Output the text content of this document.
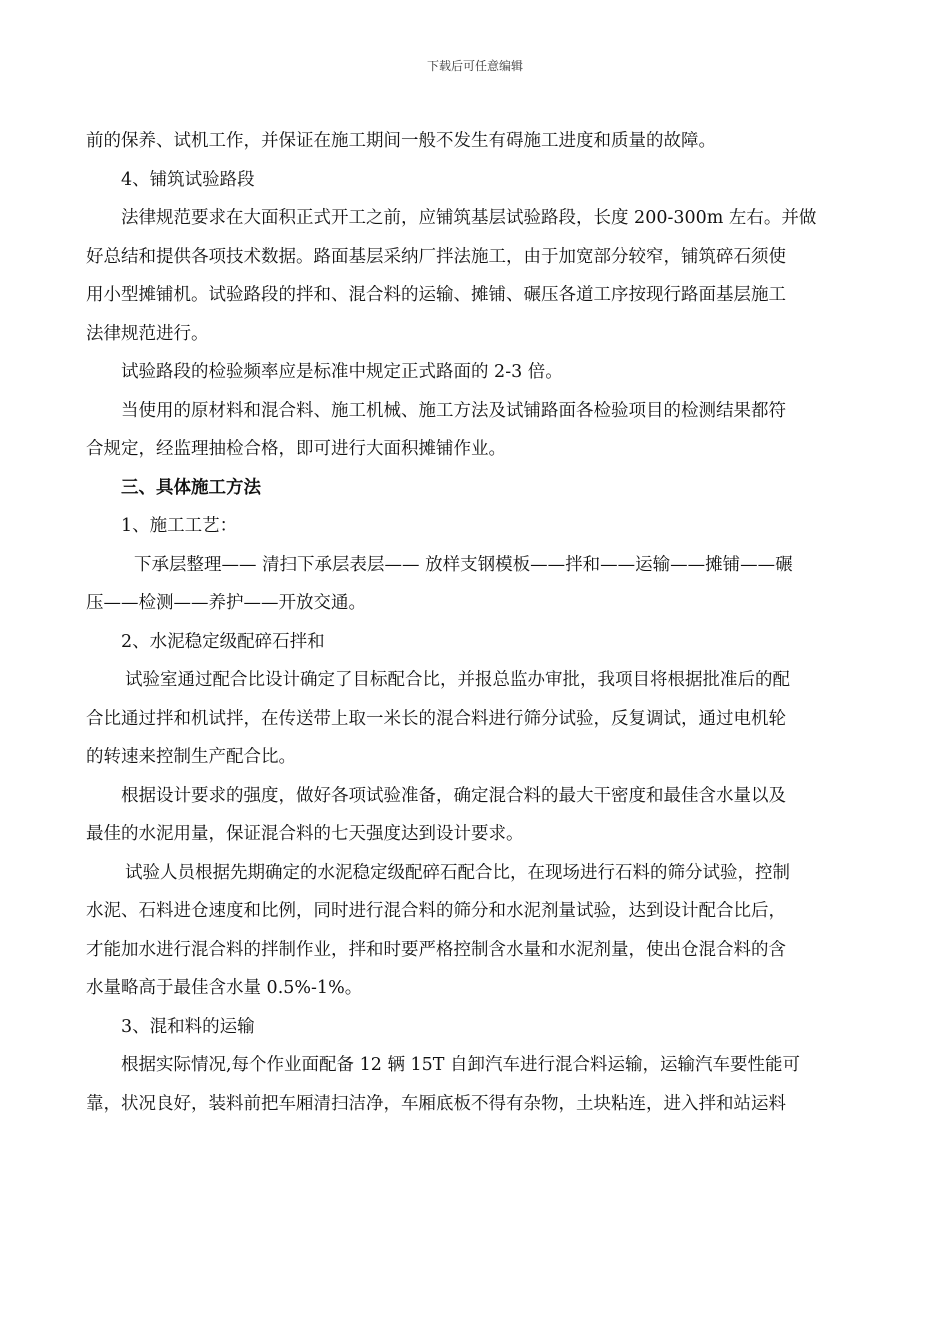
下载后可任意编辑
前的保养、试机工作，并保证在施工期间一般不发生有碍施工进度和质量的故障。
4、铺筑试验路段
法律规范要求在大面积正式开工之前，应铺筑基层试验路段，长度 200-300m 左右。并做
好总结和提供各项技术数据。路面基层采纳厂拌法施工，由于加宽部分较窄，铺筑碎石须使
用小型摊铺机。试验路段的拌和、混合料的运输、摊铺、碾压各道工序按现行路面基层施工
法律规范进行。
试验路段的检验频率应是标准中规定正式路面的 2-3 倍。
当使用的原材料和混合料、施工机械、施工方法及试铺路面各检验项目的检测结果都符
合规定，经监理抽检合格，即可进行大面积摊铺作业。
三、具体施工方法
1、施工工艺：
下承层整理—— 清扫下承层表层—— 放样支钢模板——拌和——运输——摊铺——碾
压——检测——养护——开放交通。
2、水泥稳定级配碎石拌和
试验室通过配合比设计确定了目标配合比，并报总监办审批，我项目将根据批准后的配
合比通过拌和机试拌，在传送带上取一米长的混合料进行筛分试验，反复调试，通过电机轮
的转速来控制生产配合比。
根据设计要求的强度，做好各项试验准备，确定混合料的最大干密度和最佳含水量以及
最佳的水泥用量，保证混合料的七天强度达到设计要求。
试验人员根据先期确定的水泥稳定级配碎石配合比，在现场进行石料的筛分试验，控制
水泥、石料进仓速度和比例，同时进行混合料的筛分和水泥剂量试验，达到设计配合比后，
才能加水进行混合料的拌制作业，拌和时要严格控制含水量和水泥剂量，使出仓混合料的含
水量略高于最佳含水量 0.5%-1%。
3、混和料的运输
根据实际情况,每个作业面配备 12 辆 15T 自卸汽车进行混合料运输，运输汽车要性能可
靠，状况良好，装料前把车厢清扫洁净，车厢底板不得有杂物，土块粘连，进入拌和站运料
